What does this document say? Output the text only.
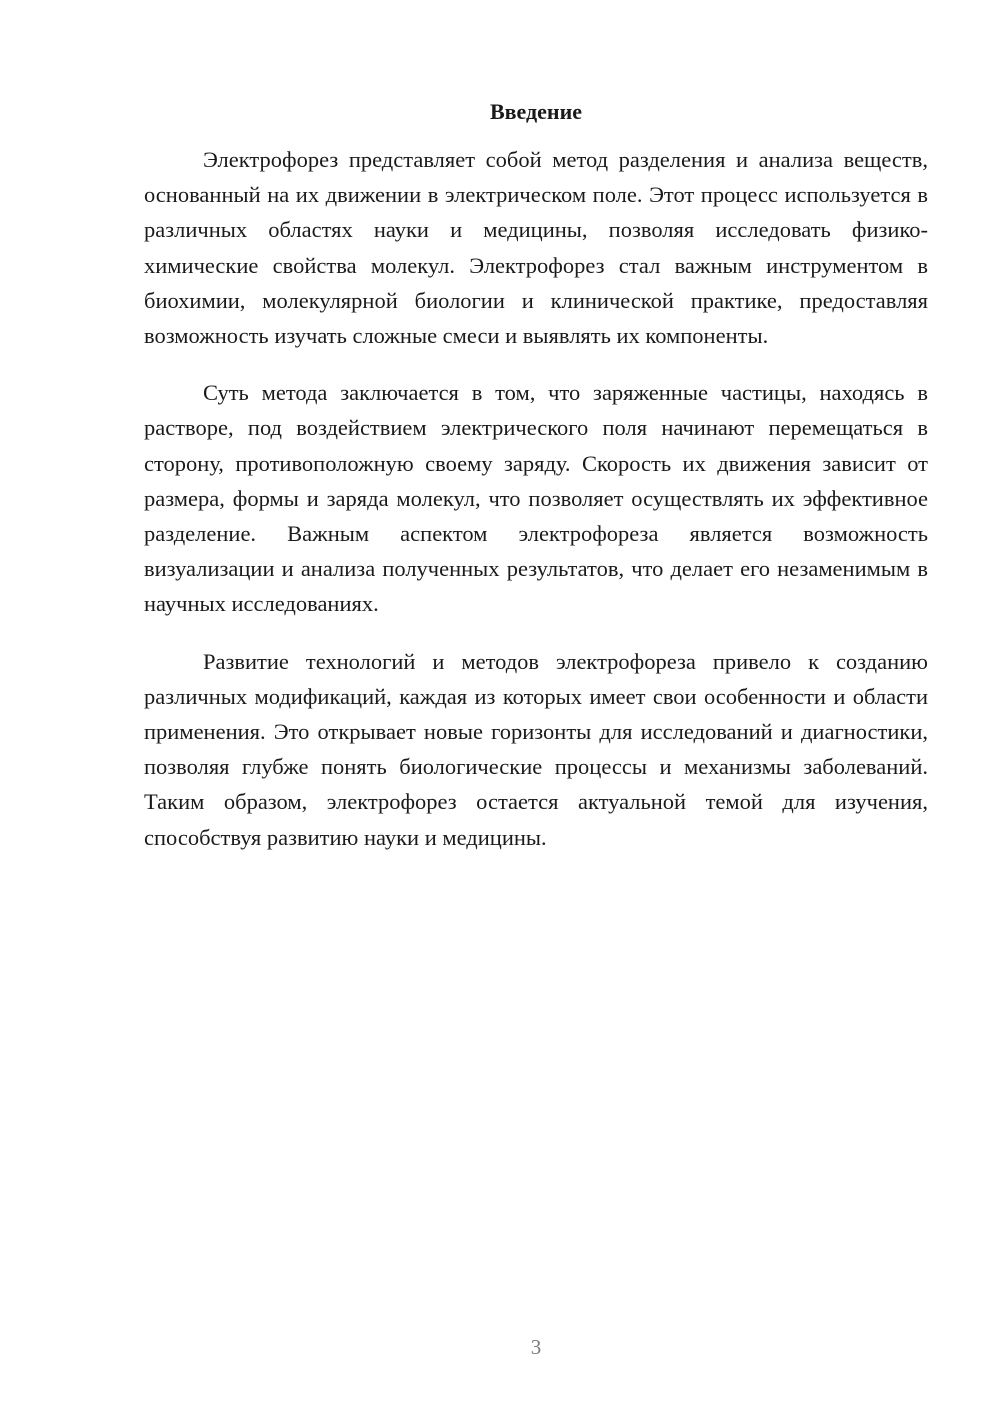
Введение

Электрофорез представляет собой метод разделения и анализа веществ, основанный на их движении в электрическом поле. Этот процесс используется в различных областях науки и медицины, позволяя исследовать физико-химические свойства молекул. Электрофорез стал важным инструментом в биохимии, молекулярной биологии и клинической практике, предоставляя возможность изучать сложные смеси и выявлять их компоненты.

Суть метода заключается в том, что заряженные частицы, находясь в растворе, под воздействием электрического поля начинают перемещаться в сторону, противоположную своему заряду. Скорость их движения зависит от размера, формы и заряда молекул, что позволяет осуществлять их эффективное разделение. Важным аспектом электрофореза является возможность визуализации и анализа полученных результатов, что делает его незаменимым в научных исследованиях.

Развитие технологий и методов электрофореза привело к созданию различных модификаций, каждая из которых имеет свои особенности и области применения. Это открывает новые горизонты для исследований и диагностики, позволяя глубже понять биологические процессы и механизмы заболеваний. Таким образом, электрофорез остается актуальной темой для изучения, способствуя развитию науки и медицины.

3
